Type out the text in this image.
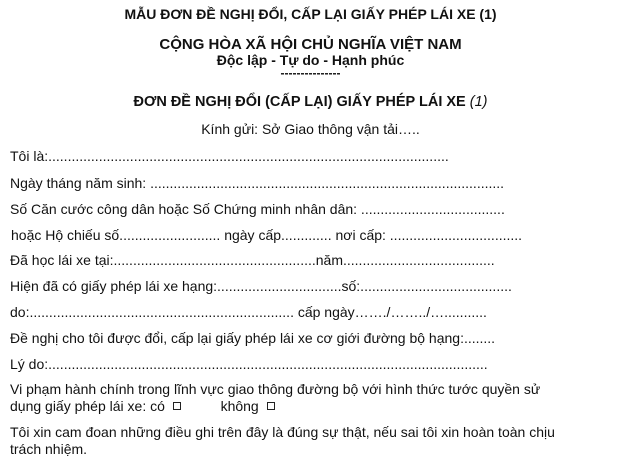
MẪU ĐƠN ĐỀ NGHỊ ĐỔI, CẤP LẠI GIẤY PHÉP LÁI XE (1)
CỘNG HÒA XÃ HỘI CHỦ NGHĨA VIỆT NAM
Độc lập - Tự do - Hạnh phúc
---------------
ĐƠN ĐỀ NGHỊ ĐỔI (CẤP LẠI) GIẤY PHÉP LÁI XE (1)
Kính gửi: Sở Giao thông vận tải…..
Tôi là:.......................................................................................................
Ngày tháng năm sinh: ...........................................................................................
Số Căn cước công dân hoặc Số Chứng minh nhân dân: .....................................
hoặc Hộ chiếu số.......................... ngày cấp............. nơi cấp: ..................................
Đã học lái xe tại:....................................................năm.......................................
Hiện đã có giấy phép lái xe hạng:................................số:.......................................
do:.................................................................... cấp ngày……./……../…...........
Đề nghị cho tôi được đổi, cấp lại giấy phép lái xe cơ giới đường bộ hạng:........
Lý do:.................................................................................................................
Vi phạm hành chính trong lĩnh vực giao thông đường bộ với hình thức tước quyền sử
dụng giấy phép lái xe: có	không
Tôi xin cam đoan những điều ghi trên đây là đúng sự thật, nếu sai tôi xin hoàn toàn chịu
trách nhiệm.
